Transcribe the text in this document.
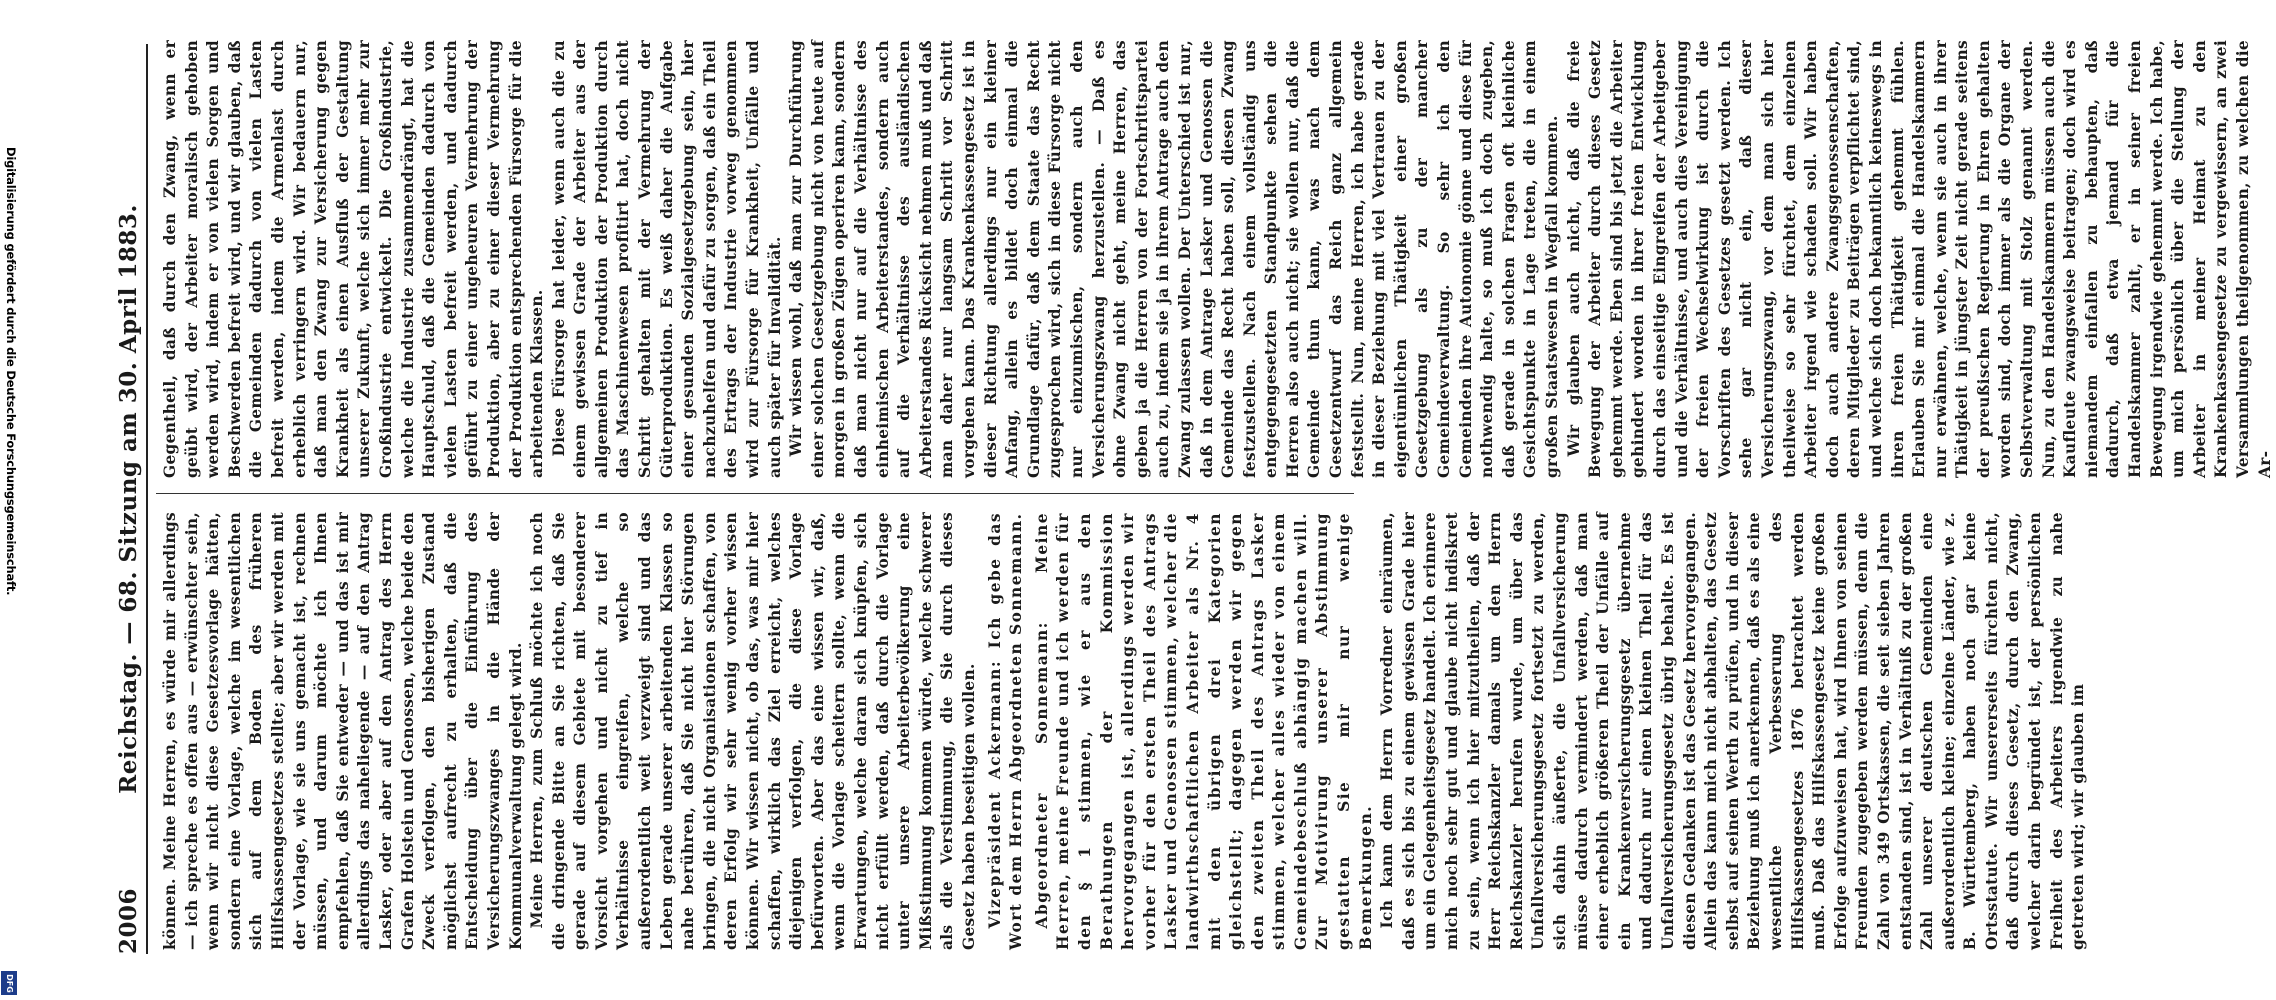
2006
Reichstag. — 68. Sitzung am 30. April 1883. können. Meine Herren, es würde mir allerdings — ich spreche es offen aus — erwünschter sein, wenn wir nicht diese Gesetzesvorlage hätten, sondern eine Vorlage, welche im wesentlichen sich auf dem Boden des früheren Hilfskassengesetzes stellte; aber wir werden mit der Vorlage, wie sie uns gemacht ist, rechnen müssen, und darum möchte ich Ihnen empfehlen, daß Sie entweder — und das ist mir allerdings das naheliegende — auf den Antrag Lasker, oder aber auf den Antrag des Herrn Grafen Holstein und Genossen, welche beide den Zweck verfolgen, den bisherigen Zustand möglichst aufrecht zu erhalten, daß die Entscheidung über die Einführung des Versicherungszwanges in die Hände der Kommunalverwaltung gelegt wird. Meine Herren, zum Schluß möchte ich noch die dringende Bitte an Sie richten, daß Sie gerade auf diesem Gebiete mit besonderer Vorsicht vorgehen und nicht zu tief in Verhältnisse eingreifen, welche so außerordentlich weit verzweigt sind und das Leben gerade unserer arbeitenden Klassen so nahe berühren, daß Sie nicht hier Störungen bringen, die nicht Organisationen schaffen, von deren Erfolg wir sehr wenig vorher wissen können. Wir wissen nicht, ob das, was mir hier schaffen, wirklich das Ziel erreicht, welches diejenigen verfolgen, die diese Vorlage befürworten. Aber das eine wissen wir, daß, wenn die Vorlage scheitern sollte, wenn die Erwartungen, welche daran sich knüpfen, sich nicht erfüllt werden, daß durch die Vorlage unter unsere Arbeiterbevölkerung eine Mißstimmung kommen würde, welche schwerer als die Verstimmung, die Sie durch dieses Gesetz haben beseitigen wollen. Vizepräsident Ackermann: Ich gebe das Wort dem Herrn Abgeordneten Sonnemann. Abgeordneter Sonnemann: Meine Herren, meine Freunde und ich werden für den § 1 stimmen, wie er aus den Berathungen der Kommission hervorgegangen ist, allerdings werden wir vorher für den ersten Theil des Antrags Lasker und Genossen stimmen, welcher die landwirthschaftlichen Arbeiter als Nr. 4 mit den übrigen drei Kategorien gleichstellt; dagegen werden wir gegen den zweiten Theil des Antrags Lasker stimmen, welcher alles wieder von einem Gemeindebeschluß abhängig machen will. Zur Motivirung unserer Abstimmung gestatten Sie mir nur wenige Bemerkungen. Ich kann dem Herrn Vorredner einräumen, daß es sich bis zu einem gewissen Grade hier um ein Gelegenheitsgesetz handelt. Ich erinnere mich noch sehr gut und glaube nicht indiskret zu sein, wenn ich hier mitzutheilen, daß der Herr Reichskanzler damals um den Herrn Reichskanzler herufen wurde, um über das Unfallversicherungsgesetz fortsetzt zu werden, sich dahin äußerte, die Unfallversicherung müsse dadurch vermindert werden, daß man einer erheblich größeren Theil der Unfälle auf ein Krankenversicherungsgesetz übernehme und dadurch nur einen kleinen Theil für das Unfallversicherungsgesetz übrig behalte. Es ist diesen Gedanken ist das Gesetz hervorgegangen. Allein das kann mich nicht abhalten, das Gesetz selbst auf seinen Werth zu prüfen, und in dieser Beziehung muß ich anerkennen, daß es als eine wesentliche Verbesserung des Hilfskassengesetzes 1876 betrachtet werden muß. Daß das Hilfskassengesetz keine großen Erfolge aufzuweisen hat, wird Ihnen von seinen Freunden zugegeben werden müssen, denn die Zahl von 349 Ortskassen, die seit sieben Jahren entstanden sind, ist in Verhältniß zu der großen Zahl unserer deutschen Gemeinden eine außerordentlich kleine; einzelne Länder, wie z. B. Württemberg, haben noch gar keine Ortsstatute. Wir unsererseits fürchten nicht, daß durch dieses Gesetz, durch den Zwang, welcher darin begründet ist, der persönlichen Freiheit des Arbeiters irgendwie zu nahe getreten wird; wir glauben im

Gegentheil, daß durch den Zwang, wenn er geübt wird, der Arbeiter moralisch gehoben werden wird, indem er von vielen Sorgen und Beschwerden befreit wird, und wir glauben, daß die Gemeinden dadurch von vielen Lasten befreit werden, indem die Armenlast durch erheblich verringern wird. Wir bedauern nur, daß man den Zwang zur Versicherung gegen Krankheit als einen Ausfluß der Gestaltung unserer Zukunft, welche sich immer mehr zur Großindustrie entwickelt. Die Großindustrie, welche die Industrie zusammendrängt, hat die Hauptschuld, daß die Gemeinden dadurch von vielen Lasten befreit werden, und dadurch geführt zu einer ungeheuren Vermehrung der Produktion, aber zu einer dieser Vermehrung der Produktion entsprechenden Fürsorge für die arbeitenden Klassen. Diese Fürsorge hat leider, wenn auch die zu einem gewissen Grade der Arbeiter aus der allgemeinen Produktion der Produktion durch das Maschinenwesen profitirt hat, doch nicht Schritt gehalten mit der Vermehrung der Güterproduktion. Es weiß daher die Aufgabe einer gesunden Sozialgesetzgebung sein, hier nachzuhelfen und dafür zu sorgen, daß ein Theil des Ertrags der Industrie vorweg genommen wird zur Fürsorge für Krankheit, Unfälle und auch später für Invalidität. Wir wissen wohl, daß man zur Durchführung einer solchen Gesetzgebung nicht von heute auf morgen in großen Zügen operiren kann, sondern daß man nicht nur auf die Verhältnisse des einheimischen Arbeiterstandes, sondern auch auf die Verhältnisse des ausländischen Arbeiterstandes Rücksicht nehmen muß und daß man daher nur langsam Schritt vor Schritt vorgehen kann. Das Krankenkassengesetz ist in dieser Richtung allerdings nur ein kleiner Anfang, allein es bildet doch einmal die Grundlage dafür, daß dem Staate das Recht zugesprochen wird, sich in diese Fürsorge nicht nur einzumischen, sondern auch den Versicherungszwang herzustellen. — Daß es ohne Zwang nicht geht, meine Herren, das geben ja die Herren von der Fortschrittspartei auch zu, indem sie ja in ihrem Antrage auch den Zwang zulassen wollen. Der Unterschied ist nur, daß in dem Antrage Lasker und Genossen die Gemeinde das Recht haben soll, diesen Zwang festzustellen. Nach einem vollständig uns entgegengesetzten Standpunkte sehen die Herren also auch nicht; sie wollen nur, daß die Gemeinde thun kann, was nach dem Gesetzentwurf das Reich ganz allgemein feststellt. Nun, meine Herren, ich habe gerade in dieser Beziehung mit viel Vertrauen zu der eigentümlichen Thätigkeit einer großen Gesetzgebung als zu der mancher Gemeindeverwaltung. So sehr ich den Gemeinden ihre Autonomie gönne und diese für nothwendig halte, so muß ich doch zugeben, daß gerade in solchen Fragen oft kleinliche Gesichtspunkte in Lage treten, die in einem großen Staatswesen in Wegfall kommen. Wir glauben auch nicht, daß die freie Bewegung der Arbeiter durch dieses Gesetz gehemmt werde. Eben sind bis jetzt die Arbeiter gehindert worden in ihrer freien Entwicklung durch das einseitige Eingreifen der Arbeitgeber und die Verhältnisse, und auch dies Vereinigung der freien Wechselwirkung ist durch die Vorschriften des Gesetzes gesetzt werden. Ich sehe gar nicht ein, daß dieser Versicherungszwang, vor dem man sich hier theilweise so sehr fürchtet, dem einzelnen Arbeiter irgend wie schaden soll. Wir haben doch auch andere Zwangsgenossenschaften, deren Mitglieder zu Beiträgen verpflichtet sind, und welche sich doch bekanntlich keineswegs in ihren freien Thätigkeit gehemmt fühlen. Erlauben Sie mir einmal die Handelskammern nur erwähnen, welche, wenn sie auch in ihrer Thätigkeit in jüngster Zeit nicht gerade seitens der preußischen Regierung in Ehren gehalten worden sind, doch immer als die Organe der Selbstverwaltung mit Stolz genannt werden. Nun, zu den Handelskammern müssen auch die Kaufleute zwangsweise beitragen; doch wird es niemandem einfallen zu behaupten, daß dadurch, daß etwa jemand für die Handelskammer zahlt, er in seiner freien Bewegung irgendwie gehemmt werde. Ich habe, um mich persönlich über die Stellung der Arbeiter in meiner Heimat zu den Krankenkassengesetze zu vergewissern, an zwei Versammlungen theilgenommen, zu welchen die Ar-

Digitalisierung gefördert durch die Deutsche Forschungsgemeinschaft.
DFG
